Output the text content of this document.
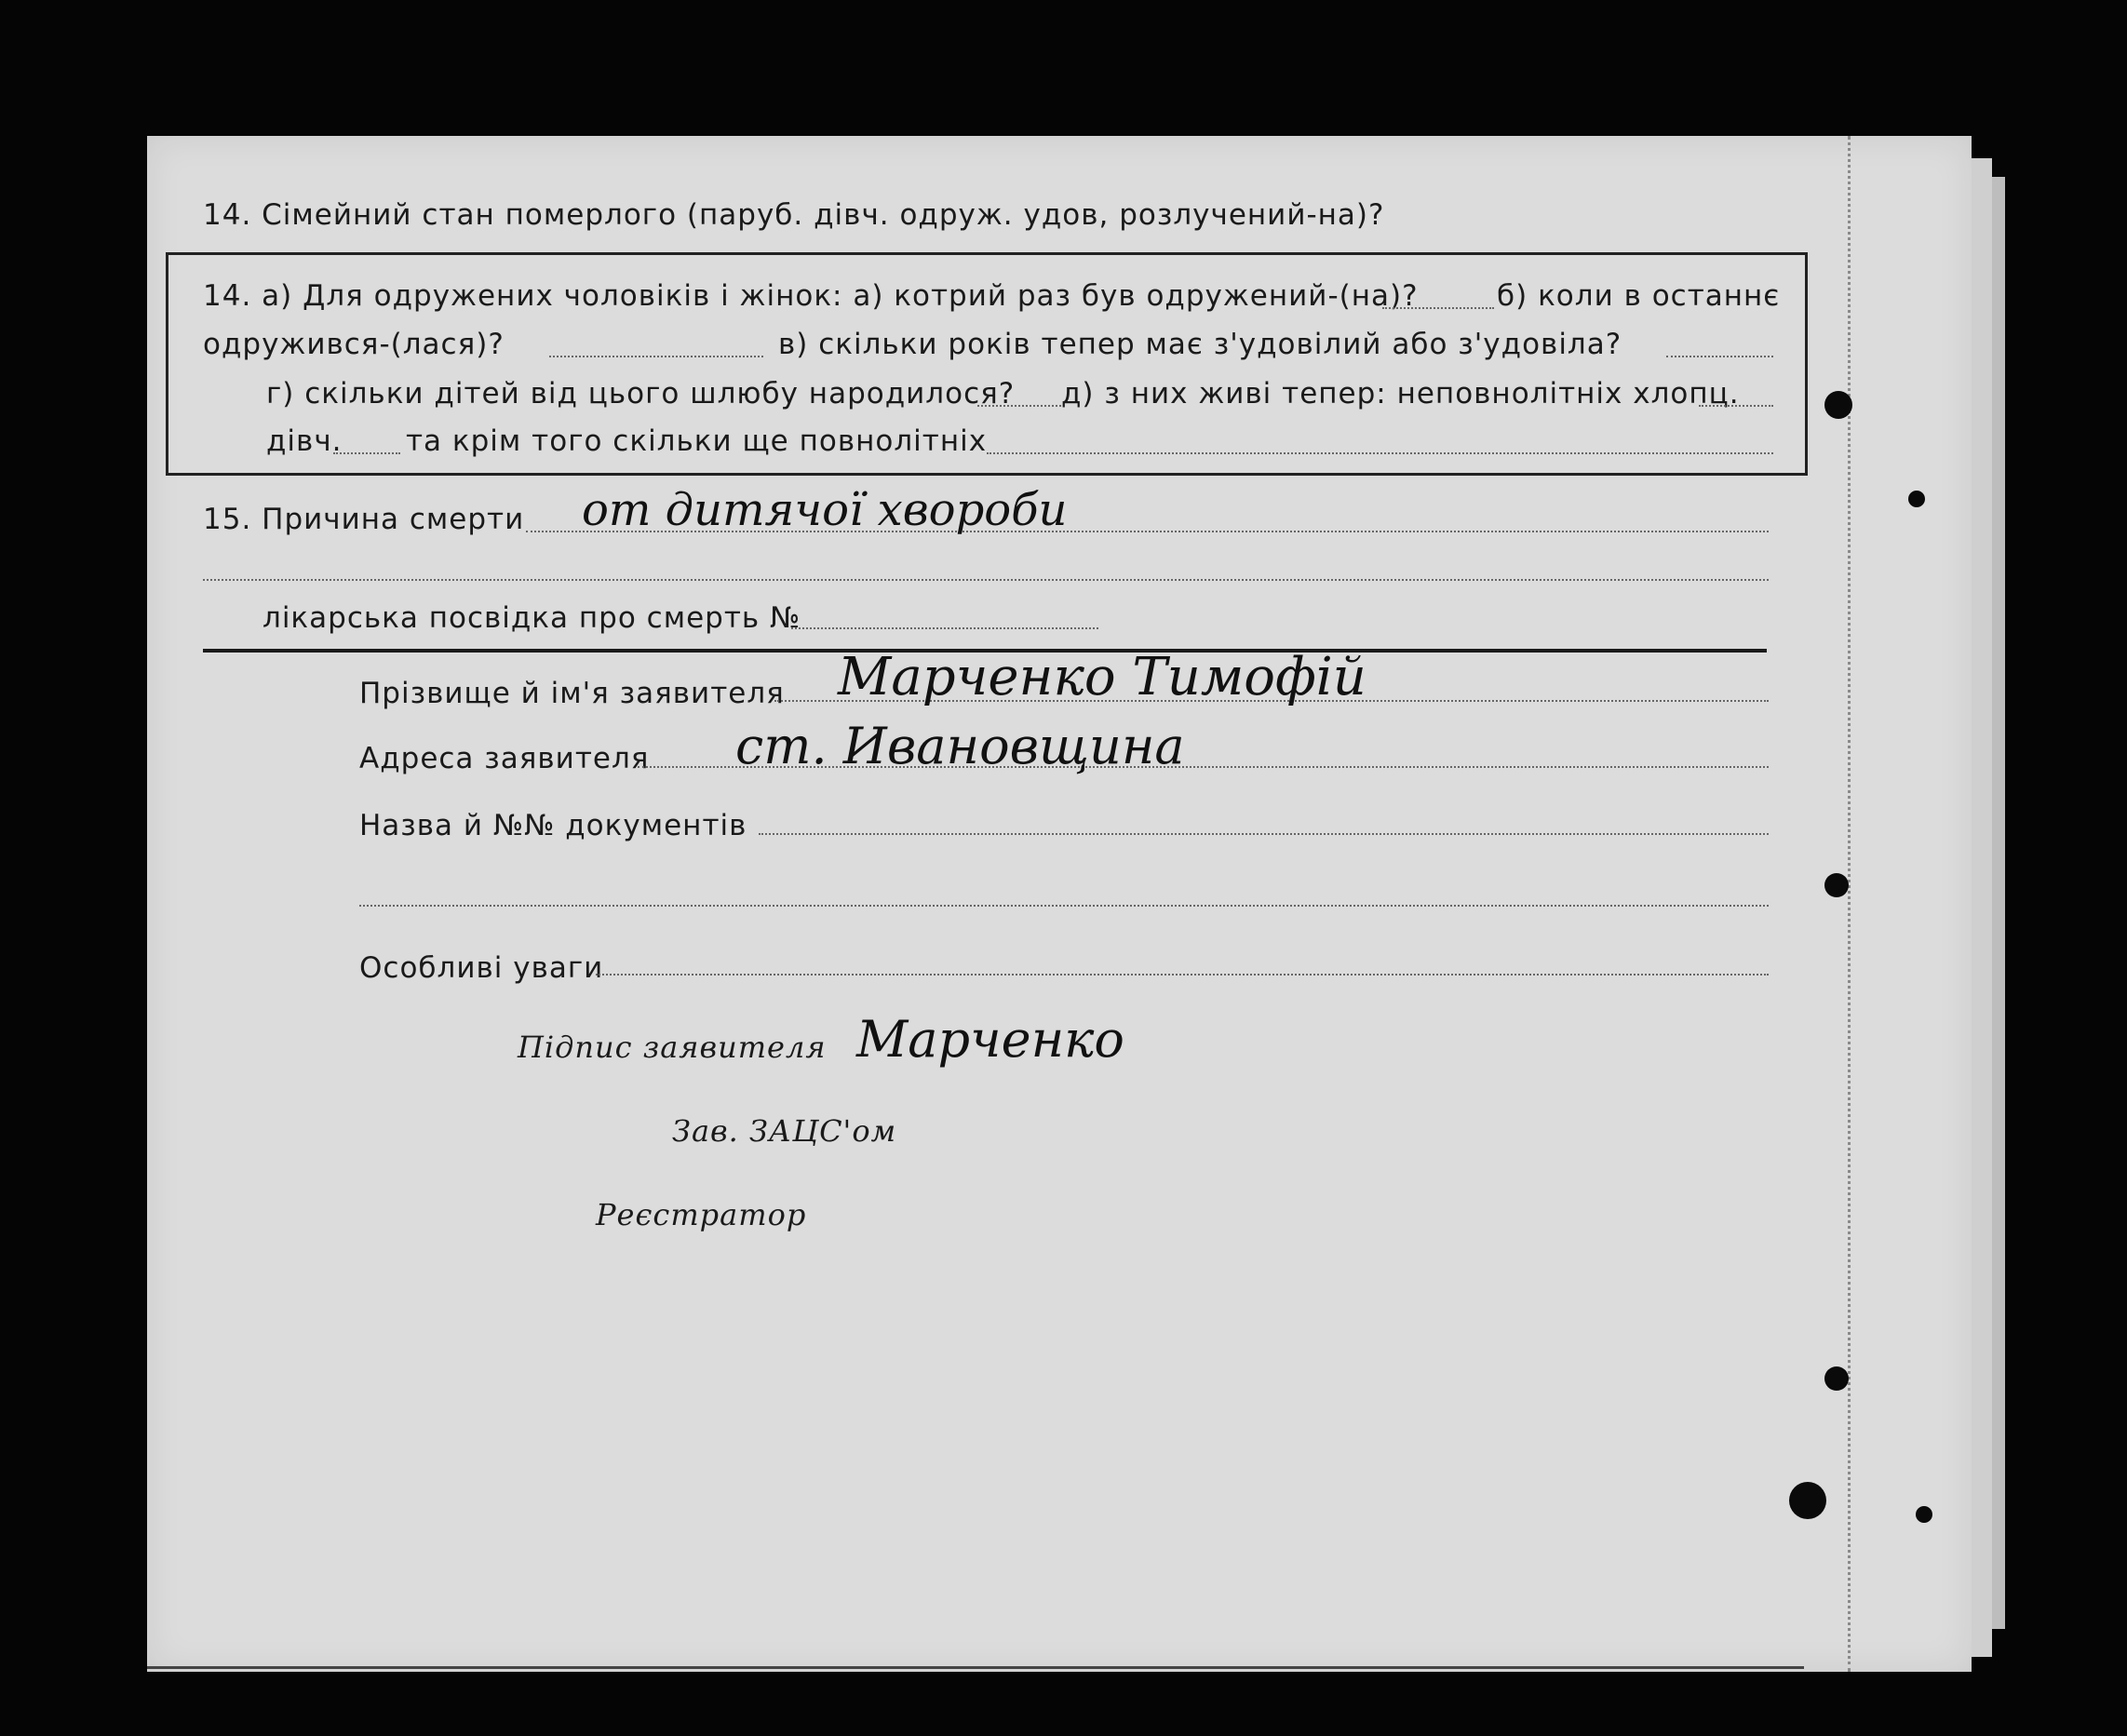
14. Сімейний стан померлого (паруб. дівч. одруж. удов, розлучений-на)?
14. а) Для одружених чоловіків і жінок: а) котрий раз був одружений-(на)?	б) коли в останнє
одружився-(лася)?	в) скільки років тепер має з'удовілий або з'удовіла?
г) скільки дітей від цього шлюбу народилося? д) з них живі тепер: неповнолітніх хлопц.
дівч. та крім того скільки ще повнолітніх
15. Причина смерти от дитячої хвороби
лікарська посвідка про смерть №
Прізвище й ім'я заявителя Марченко Тимофій
Адреса заявителя ст. Ивановщина
Назва й №№ документів
Особливі уваги
Підпис заявителя Марченко
Зав. ЗАЦС'ом
Реєстратор
